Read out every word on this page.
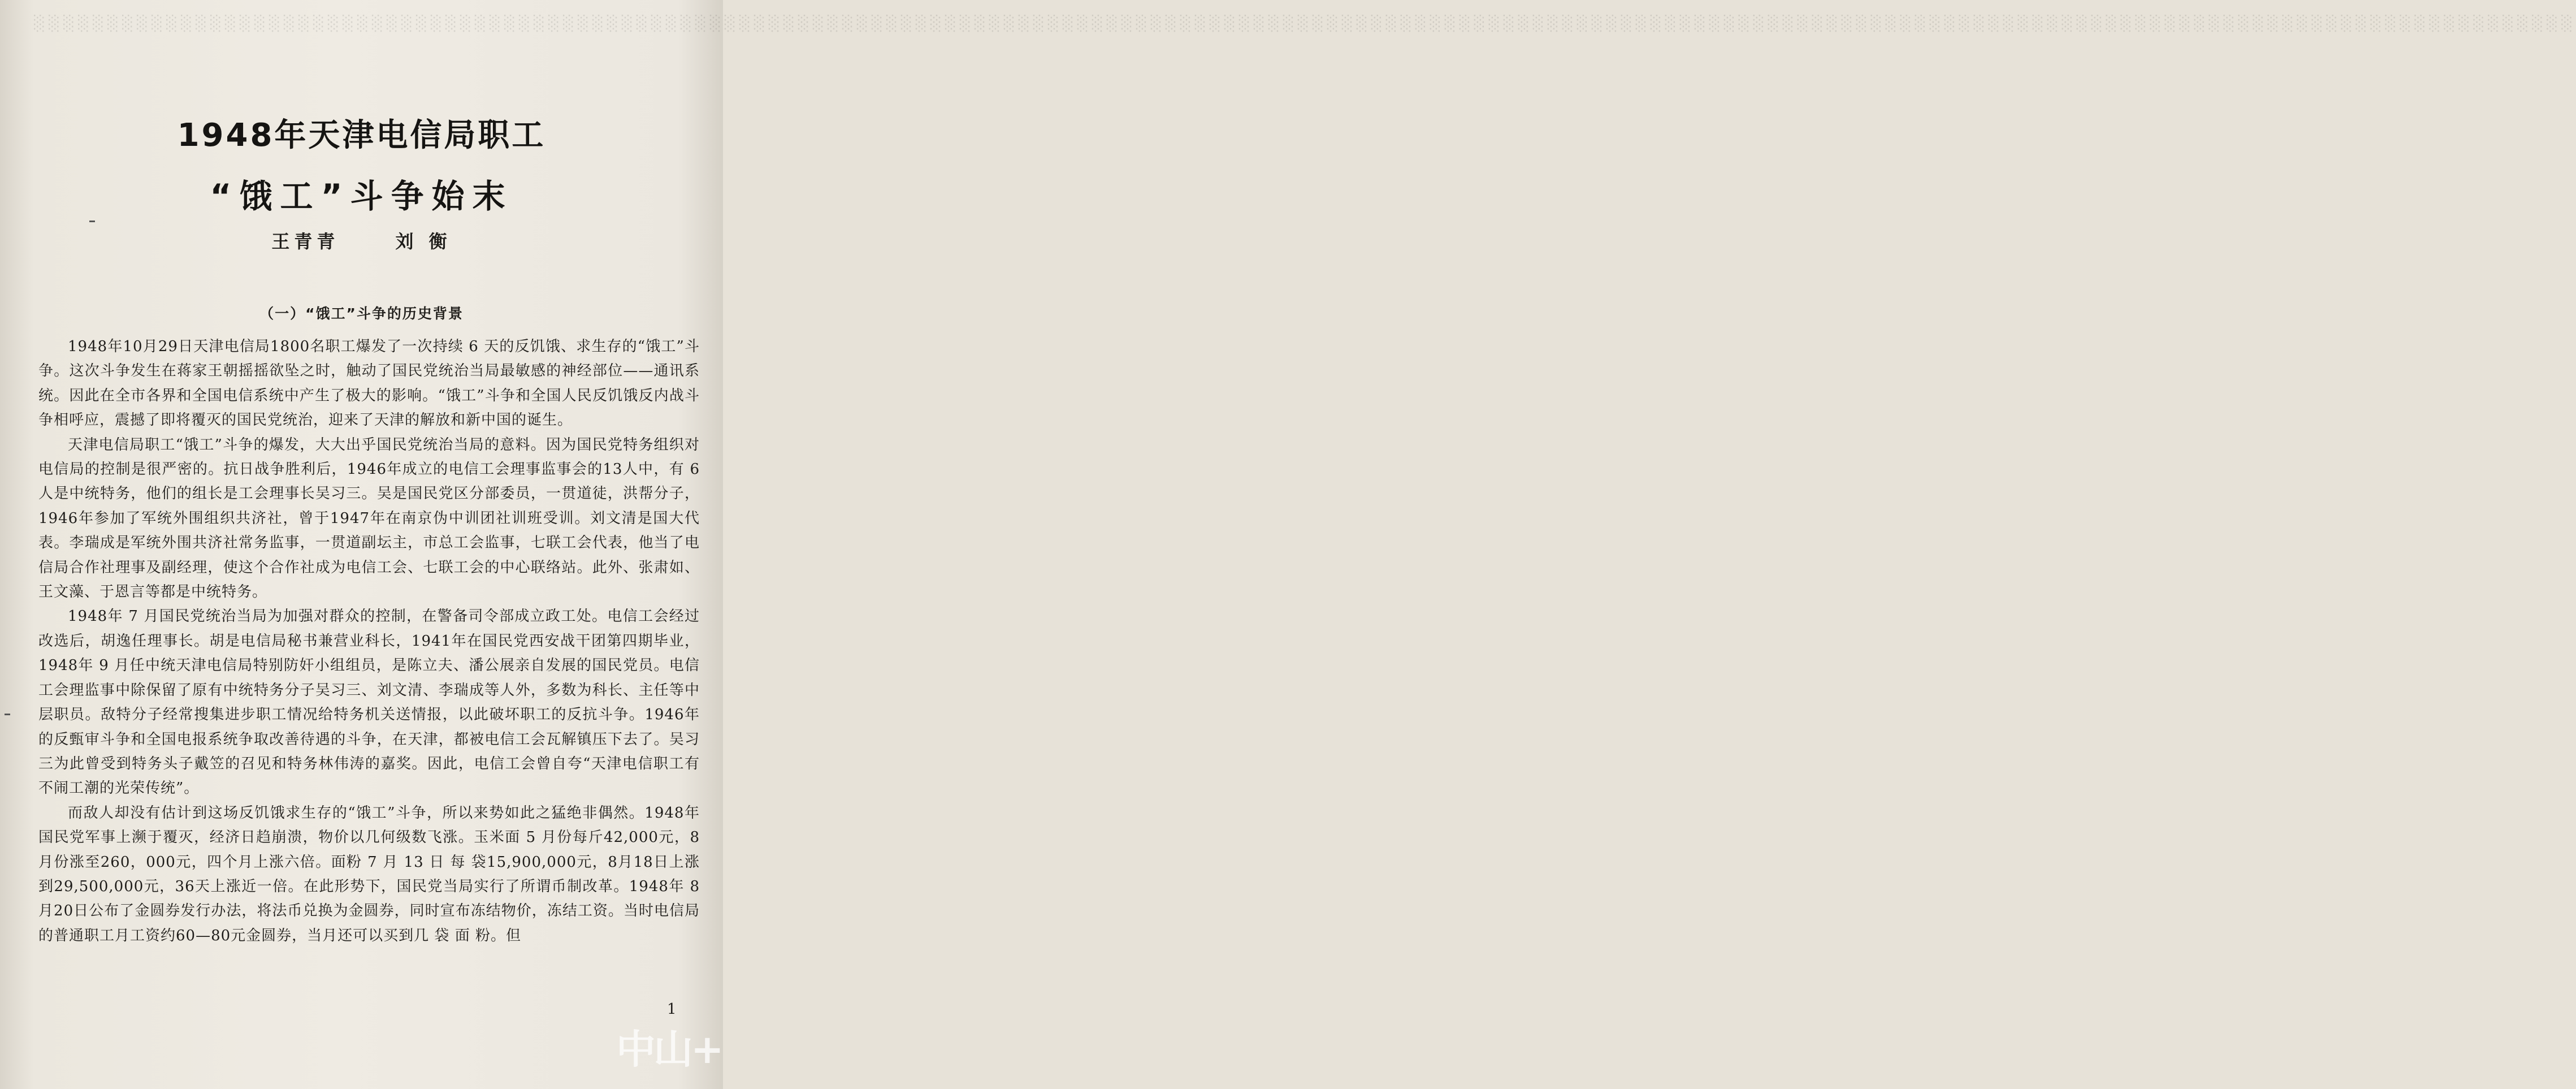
░░░░░░░░░░░░░░░░░░░░░░░░░░░░░░░░░░░░░░░░░░░░░░░░░░░░░░░░░░░░░░░░░░░░░░░░░░░░░░░░░░░░░░░░░░░░░░░░░░░░░░░░░░░░░░░░░░░░░░░░░░░░░░░░░░░░░░░░░░░░░░░░░░░░░░░░░░░░░░░░░░░░░░░░░░░░░
1948年天津电信局职工
“饿工”斗争始末
王青青	刘 衡
（一）“饿工”斗争的历史背景

1948年10月29日天津电信局1800名职工爆发了一次持续 6 天的反饥饿、求生存的“饿工”斗争。这次斗争发生在蒋家王朝摇摇欲坠之时，触动了国民党统治当局最敏感的神经部位——通讯系统。因此在全市各界和全国电信系统中产生了极大的影响。“饿工”斗争和全国人民反饥饿反内战斗争相呼应，震撼了即将覆灭的国民党统治，迎来了天津的解放和新中国的诞生。

天津电信局职工“饿工”斗争的爆发，大大出乎国民党统治当局的意料。因为国民党特务组织对电信局的控制是很严密的。抗日战争胜利后，1946年成立的电信工会理事监事会的13人中，有 6 人是中统特务，他们的组长是工会理事长吴习三。吴是国民党区分部委员，一贯道徒，洪帮分子，1946年参加了军统外围组织共济社，曾于1947年在南京伪中训团社训班受训。刘文清是国大代表。李瑞成是军统外围共济社常务监事，一贯道副坛主，市总工会监事，七联工会代表，他当了电信局合作社理事及副经理，使这个合作社成为电信工会、七联工会的中心联络站。此外、张肃如、王文藻、于恩言等都是中统特务。

1948年 7 月国民党统治当局为加强对群众的控制，在警备司令部成立政工处。电信工会经过改选后，胡逸任理事长。胡是电信局秘书兼营业科长，1941年在国民党西安战干团第四期毕业，1948年 9 月任中统天津电信局特别防奸小组组员，是陈立夫、潘公展亲自发展的国民党员。电信工会理监事中除保留了原有中统特务分子吴习三、刘文清、李瑞成等人外，多数为科长、主任等中层职员。敌特分子经常搜集进步职工情况给特务机关送情报，以此破坏职工的反抗斗争。1946年的反甄审斗争和全国电报系统争取改善待遇的斗争，在天津，都被电信工会瓦解镇压下去了。吴习三为此曾受到特务头子戴笠的召见和特务林伟涛的嘉奖。因此，电信工会曾自夸“天津电信职工有不闹工潮的光荣传统”。

而敌人却没有估计到这场反饥饿求生存的“饿工”斗争，所以来势如此之猛绝非偶然。1948年国民党军事上濒于覆灭，经济日趋崩溃，物价以几何级数飞涨。玉米面 5 月份每斤42,000元，8 月份涨至260，000元，四个月上涨六倍。面粉 7 月 13 日 每 袋15,900,000元，8月18日上涨到29,500,000元，36天上涨近一倍。在此形势下，国民党当局实行了所谓币制改革。1948年 8 月20日公布了金圆券发行办法，将法币兑换为金圆券，同时宣布冻结物价，冻结工资。当时电信局的普通职工月工资约60—80元金圆券，当月还可以买到几 袋 面 粉。但

1
中山+
